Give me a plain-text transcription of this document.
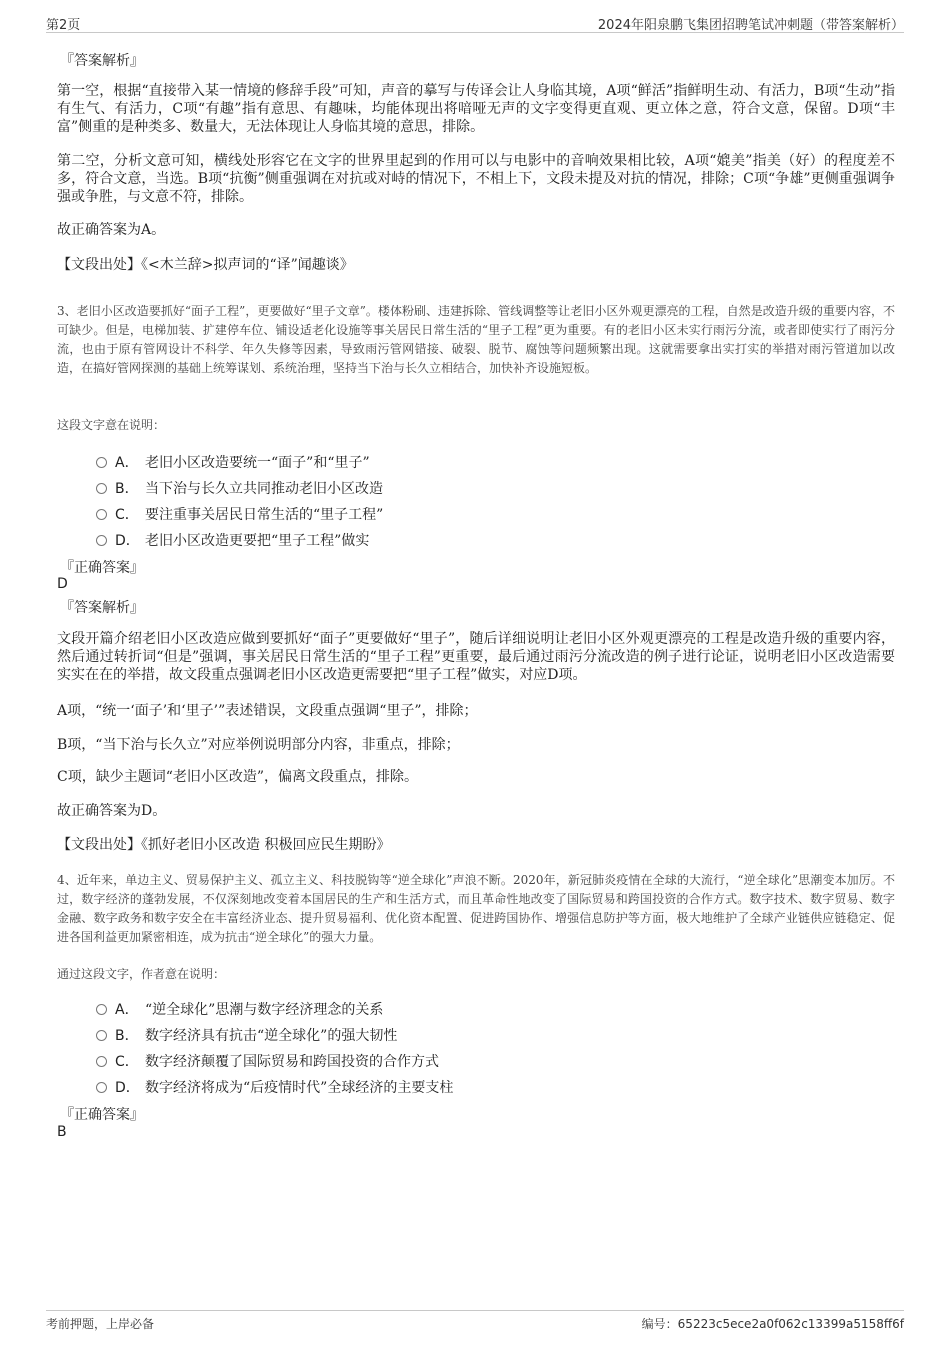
第2页	2024年阳泉鹏飞集团招聘笔试冲刺题（带答案解析）
『答案解析』
第一空，根据“直接带入某一情境的修辞手段”可知，声音的摹写与传译会让人身临其境，A项“鲜活”指鲜明生动、有活力，B项“生动”指有生气、有活力，C项“有趣”指有意思、有趣味，均能体现出将喑哑无声的文字变得更直观、更立体之意，符合文意，保留。D项“丰富”侧重的是种类多、数量大，无法体现让人身临其境的意思，排除。
第二空，分析文意可知，横线处形容它在文字的世界里起到的作用可以与电影中的音响效果相比较，A项“媲美”指美（好）的程度差不多，符合文意，当选。B项“抗衡”侧重强调在对抗或对峙的情况下，不相上下，文段未提及对抗的情况，排除；C项“争雄”更侧重强调争强或争胜，与文意不符，排除。
故正确答案为A。
【文段出处】《<木兰辞>拟声词的“译”闻趣谈》
3、老旧小区改造要抓好“面子工程”，更要做好“里子文章”。楼体粉刷、违建拆除、管线调整等让老旧小区外观更漂亮的工程，自然是改造升级的重要内容，不可缺少。但是，电梯加装、扩建停车位、铺设适老化设施等事关居民日常生活的“里子工程”更为重要。有的老旧小区未实行雨污分流，或者即使实行了雨污分流，也由于原有管网设计不科学、年久失修等因素，导致雨污管网错接、破裂、脱节、腐蚀等问题频繁出现。这就需要拿出实打实的举措对雨污管道加以改造，在搞好管网探测的基础上统筹谋划、系统治理，坚持当下治与长久立相结合，加快补齐设施短板。
这段文字意在说明：
A． 老旧小区改造要统一“面子”和“里子”
B． 当下治与长久立共同推动老旧小区改造
C． 要注重事关居民日常生活的“里子工程”
D． 老旧小区改造更要把“里子工程”做实
『正确答案』
D
『答案解析』
文段开篇介绍老旧小区改造应做到要抓好“面子”更要做好“里子”，随后详细说明让老旧小区外观更漂亮的工程是改造升级的重要内容，然后通过转折词“但是”强调，事关居民日常生活的“里子工程”更重要，最后通过雨污分流改造的例子进行论证，说明老旧小区改造需要实实在在的举措，故文段重点强调老旧小区改造更需要把“里子工程”做实，对应D项。
A项，“统一‘面子’和‘里子’”表述错误，文段重点强调“里子”，排除；
B项，“当下治与长久立”对应举例说明部分内容，非重点，排除；
C项，缺少主题词“老旧小区改造”，偏离文段重点，排除。
故正确答案为D。
【文段出处】《抓好老旧小区改造 积极回应民生期盼》
4、近年来，单边主义、贸易保护主义、孤立主义、科技脱钩等“逆全球化”声浪不断。2020年，新冠肺炎疫情在全球的大流行，“逆全球化”思潮变本加厉。不过，数字经济的蓬勃发展，不仅深刻地改变着本国居民的生产和生活方式，而且革命性地改变了国际贸易和跨国投资的合作方式。数字技术、数字贸易、数字金融、数字政务和数字安全在丰富经济业态、提升贸易福利、优化资本配置、促进跨国协作、增强信息防护等方面，极大地维护了全球产业链供应链稳定、促进各国利益更加紧密相连，成为抗击“逆全球化”的强大力量。
通过这段文字，作者意在说明：
A． “逆全球化”思潮与数字经济理念的关系
B． 数字经济具有抗击“逆全球化”的强大韧性
C． 数字经济颠覆了国际贸易和跨国投资的合作方式
D． 数字经济将成为“后疫情时代”全球经济的主要支柱
『正确答案』
B
考前押题，上岸必备	编号：65223c5ece2a0f062c13399a5158ff6f
